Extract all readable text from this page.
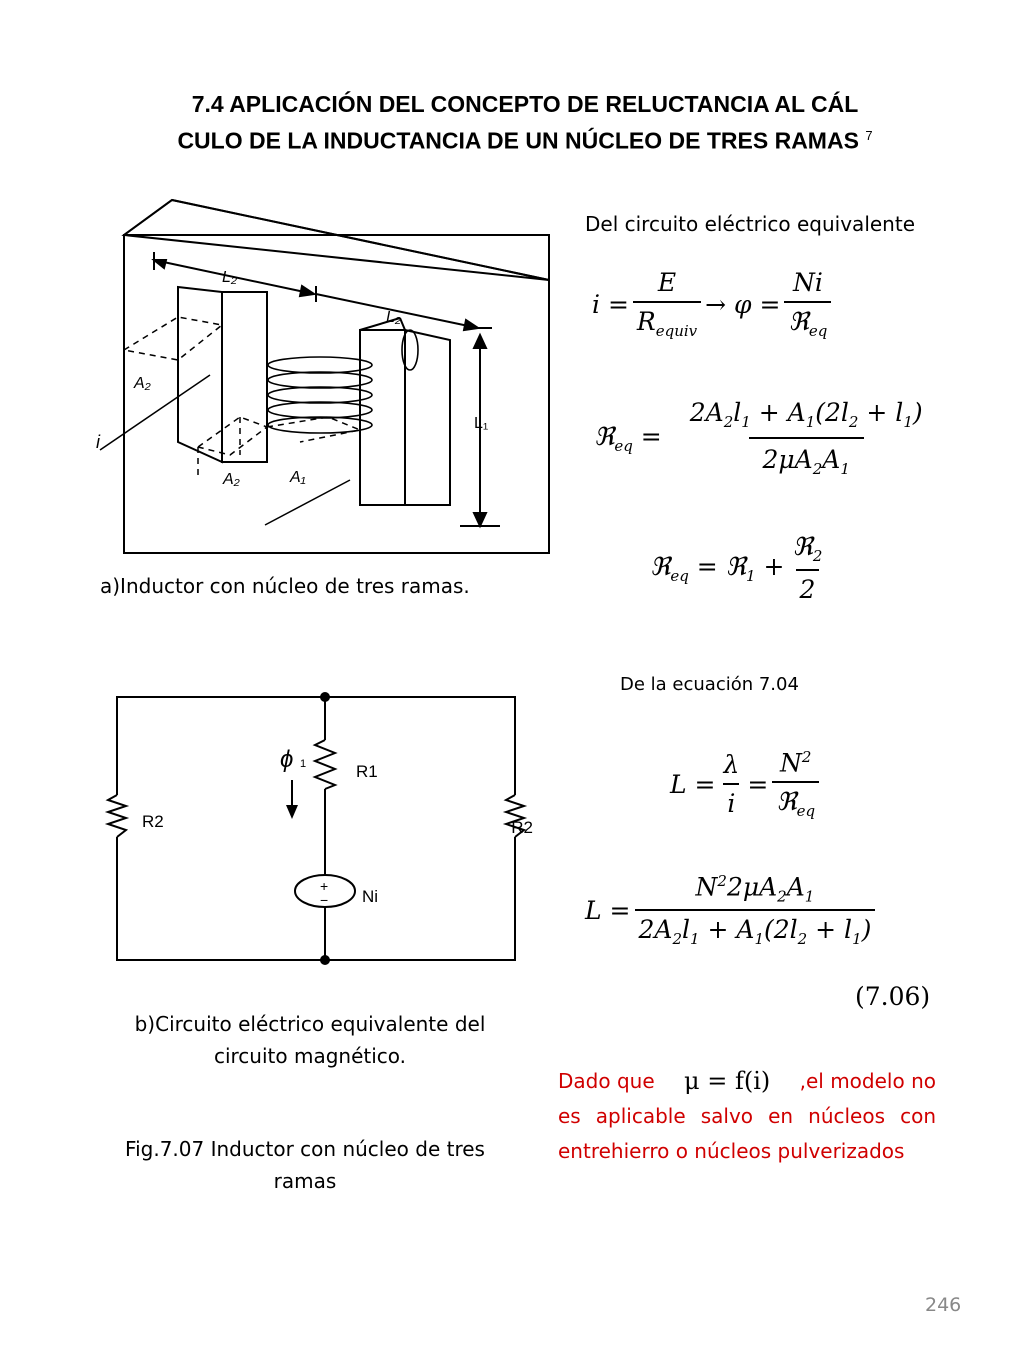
7.4 APLICACIÓN DEL CONCEPTO DE RELUCTANCIA AL CÁL
CULO DE LA INDUCTANCIA DE UN NÚCLEO DE TRES RAMAS $^7$
L₂
L₂
L₁
A₂
A₂	A₁
i
a)Inductor con núcleo de tres ramas.
ϕ 1	R1
R2	R2
Ni
+
−
b)Circuito eléctrico equivalente del
circuito magnético.
Fig.7.07 Inductor con núcleo de tres
ramas
Del circuito eléctrico equivalente
$i = \frac{E}{R_{equiv}}$ →
$\varphi = \frac{Ni}{ℜ_{eq}}$
ℜ$_{eq}$ = $\frac{2A_2l_1 + A_1(2l_2 + l_1)}{2\mu A_2A_1}$
ℜ$_{eq}$ = ℜ$_1$ + $\frac{ℜ_2}{2}$
De la ecuación 7.04
$L = \frac{\lambda}{i} = \frac{N^2}{ℜ_{eq}}$
$L = \frac{N^22\mu A_2A_1}{2A_2l_1 + A_1(2l_2 + l_1)}$
(7.06)
Dado que μ = f(i) ,el modelo no
es aplicable salvo en núcleos con entrehierro o núcleos pulverizados
246
